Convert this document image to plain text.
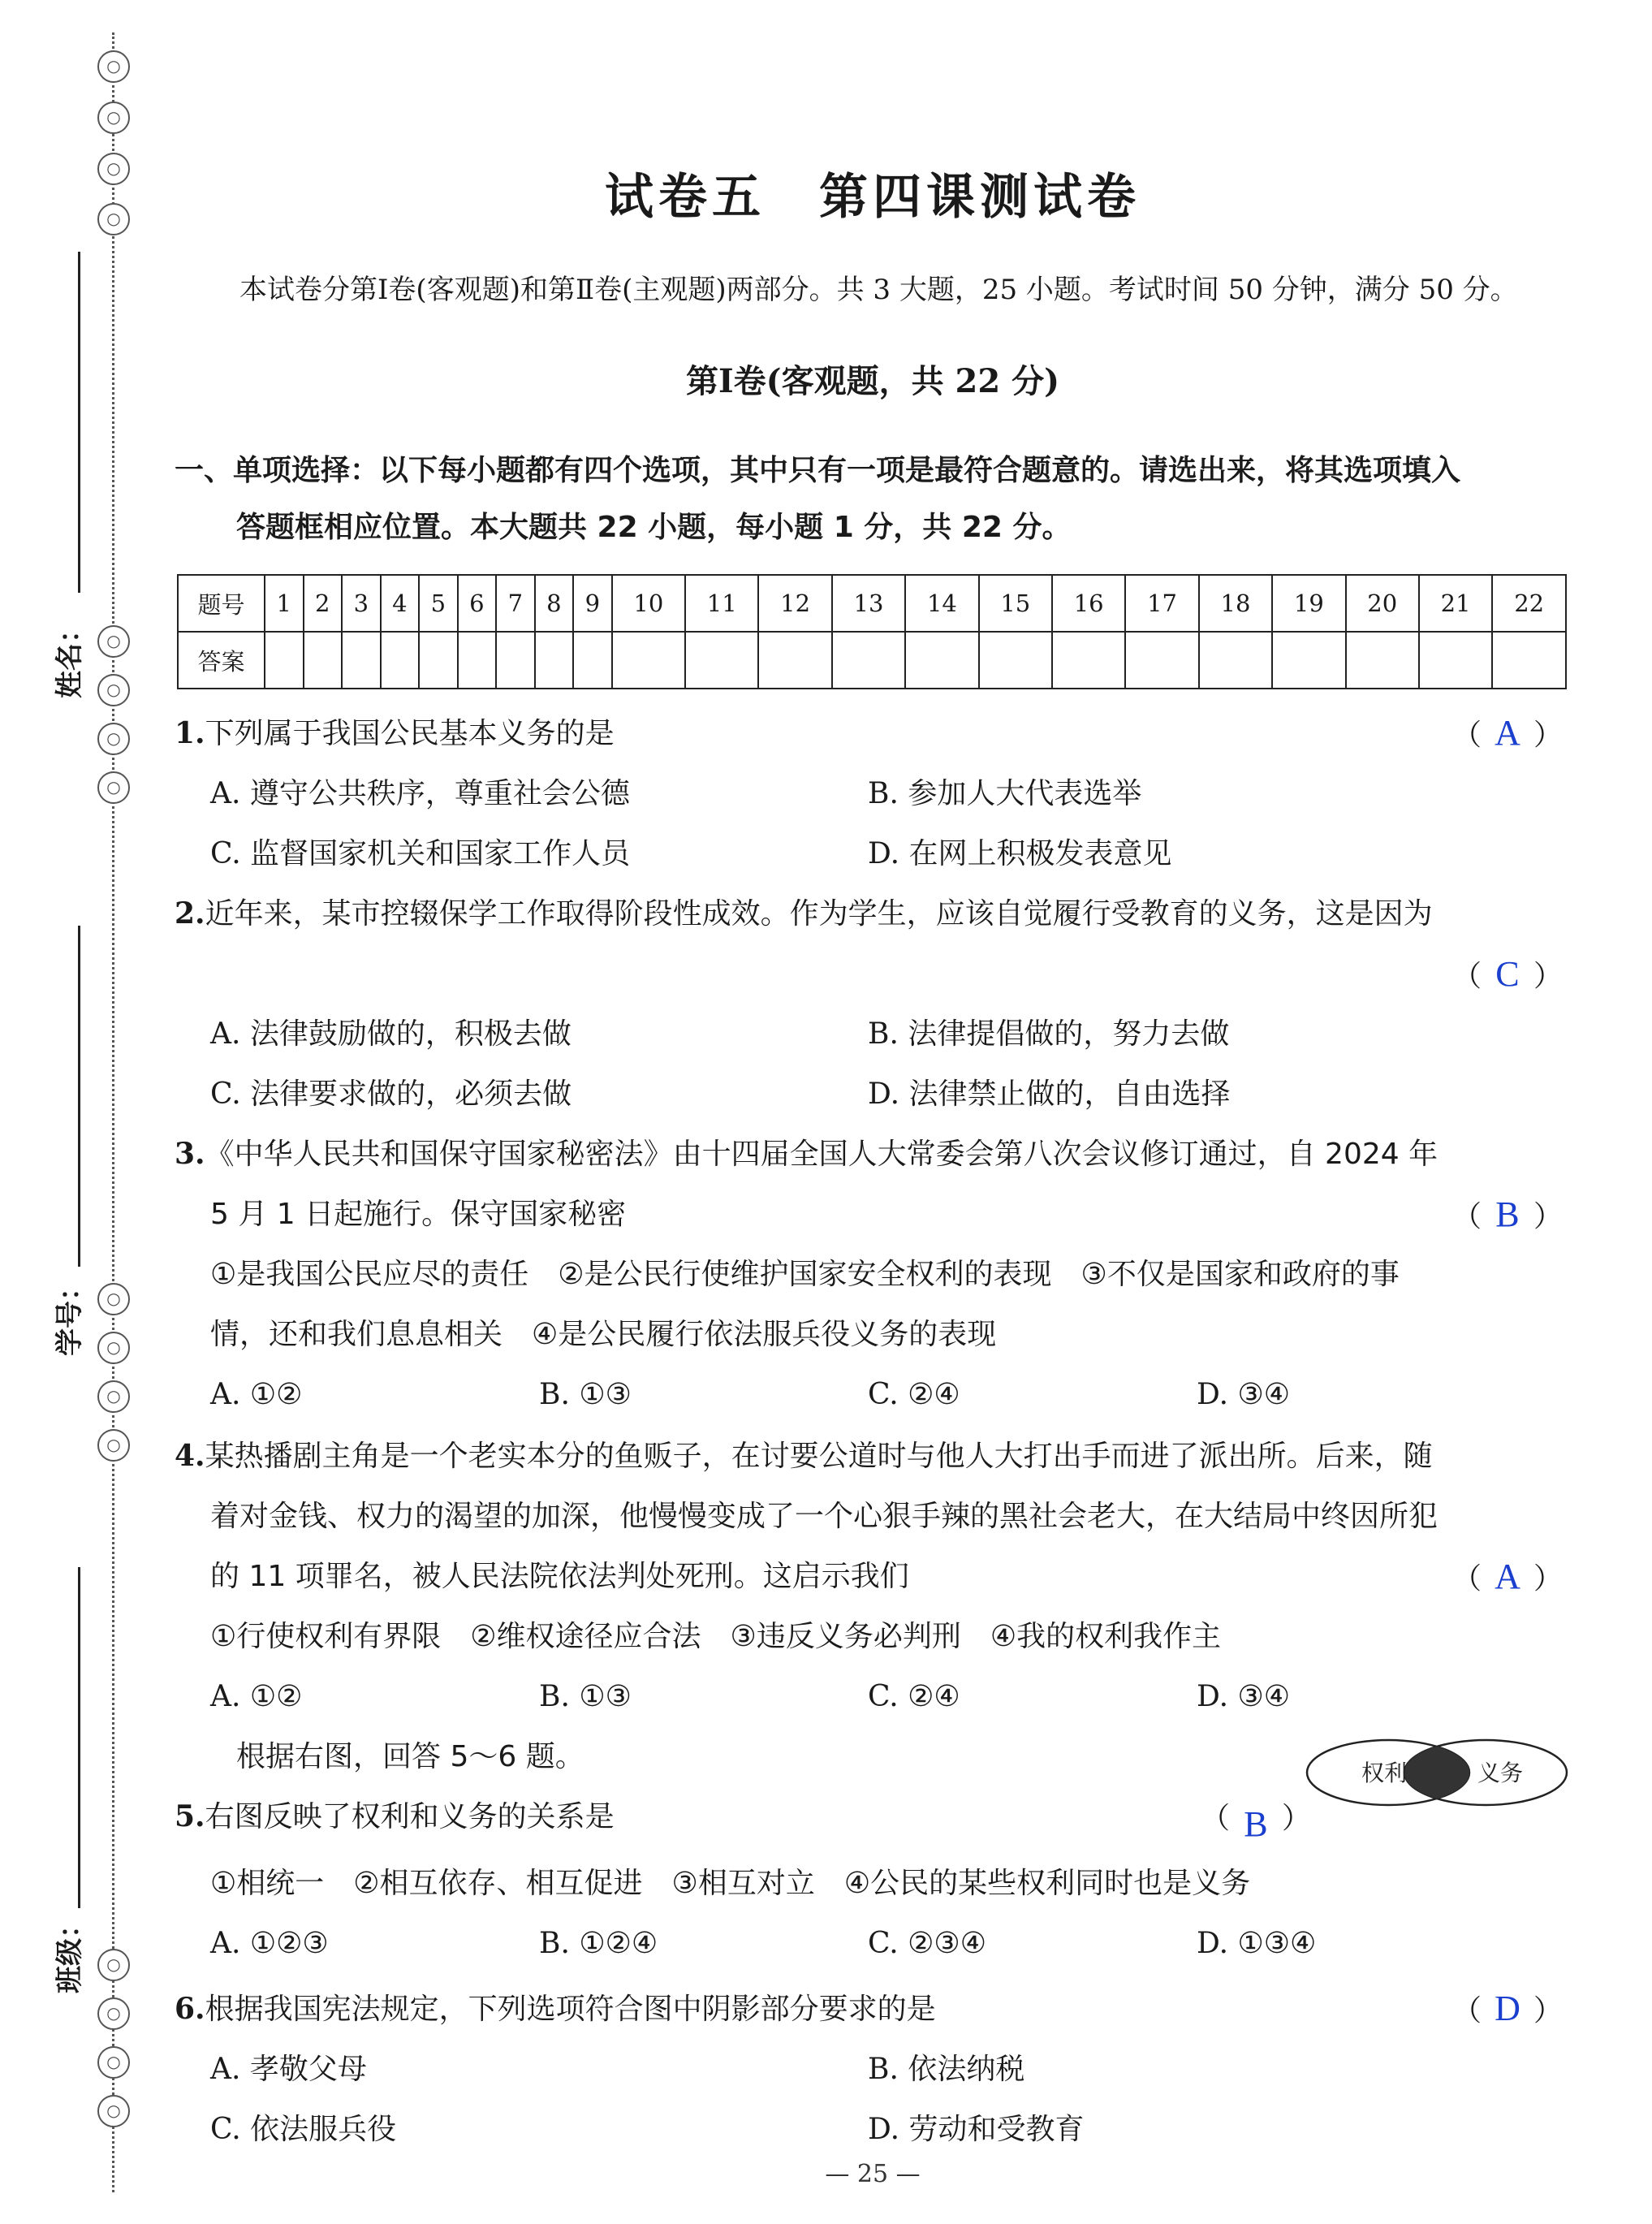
○
○
○
○
姓名：	○
○
○
○
学号：	○
○
○
○
班级：	○
○
○
○
试卷五　第四课测试卷
本试卷分第Ⅰ卷(客观题)和第Ⅱ卷(主观题)两部分。共 3 大题，25 小题。考试时间 50 分钟，满分 50 分。
第Ⅰ卷(客观题，共 22 分)
一、单项选择：以下每小题都有四个选项，其中只有一项是最符合题意的。请选出来，将其选项填入
答题框相应位置。本大题共 22 小题，每小题 1 分，共 22 分。
题号	1	2	3	4	5	6	7	8	9	10	11	12	13	14	15	16	17	18	19	20	21	22
答案																						
1.下列属于我国公民基本义务的是	（ A ）
A. 遵守公共秩序，尊重社会公德	B. 参加人大代表选举
C. 监督国家机关和国家工作人员	D. 在网上积极发表意见
2.近年来，某市控辍保学工作取得阶段性成效。作为学生，应该自觉履行受教育的义务，这是因为
（ C ）
A. 法律鼓励做的，积极去做	B. 法律提倡做的，努力去做
C. 法律要求做的，必须去做	D. 法律禁止做的，自由选择
3.《中华人民共和国保守国家秘密法》由十四届全国人大常委会第八次会议修订通过，自 2024 年
5 月 1 日起施行。保守国家秘密	（ B ）
①是我国公民应尽的责任　②是公民行使维护国家安全权利的表现　③不仅是国家和政府的事
情，还和我们息息相关　④是公民履行依法服兵役义务的表现
A. ①②	B. ①③	C. ②④	D. ③④
4.某热播剧主角是一个老实本分的鱼贩子，在讨要公道时与他人大打出手而进了派出所。后来，随
着对金钱、权力的渴望的加深，他慢慢变成了一个心狠手辣的黑社会老大，在大结局中终因所犯
的 11 项罪名，被人民法院依法判处死刑。这启示我们	（ A ）
①行使权利有界限　②维权途径应合法　③违反义务必判刑　④我的权利我作主
A. ①②	B. ①③	C. ②④	D. ③④
根据右图，回答 5～6 题。	权利	义务
5.右图反映了权利和义务的关系是	（ B ）
①相统一　②相互依存、相互促进　③相互对立　④公民的某些权利同时也是义务
A. ①②③	B. ①②④	C. ②③④	D. ①③④
6.根据我国宪法规定，下列选项符合图中阴影部分要求的是	（ D ）
A. 孝敬父母	B. 依法纳税
C. 依法服兵役	D. 劳动和受教育
— 25 —
